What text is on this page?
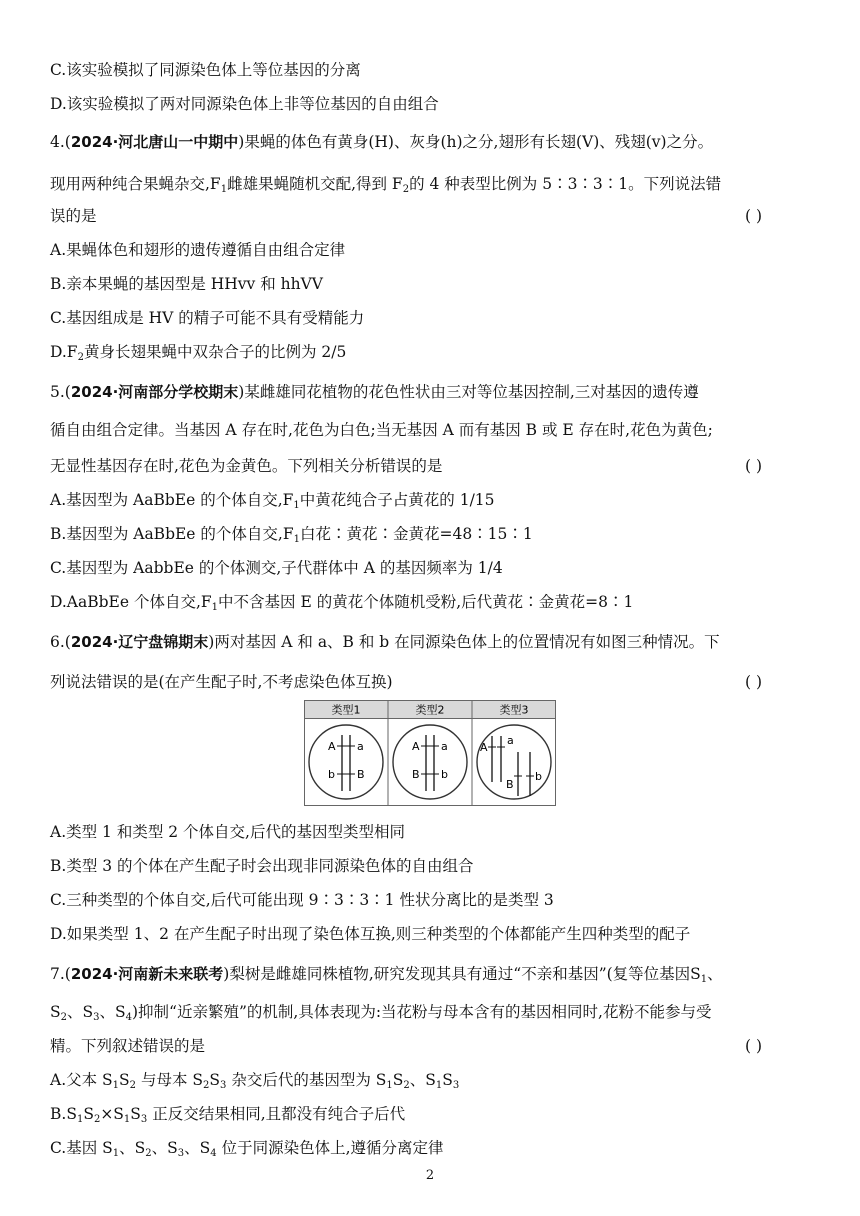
C.该实验模拟了同源染色体上等位基因的分离
D.该实验模拟了两对同源染色体上非等位基因的自由组合
4.(2024·河北唐山一中期中)果蝇的体色有黄身(H)、灰身(h)之分,翅形有长翅(V)、残翅(v)之分。
现用两种纯合果蝇杂交$,F_1$雌雄果蝇随机交配,得到 $F_2$的 4 种表型比例为 5∶3∶3∶1。下列说法错
误的是	( )
A.果蝇体色和翅形的遗传遵循自由组合定律
B.亲本果蝇的基因型是 HHvv 和 hhVV
C.基因组成是 HV 的精子可能不具有受精能力
$D.F_2$黄身长翅果蝇中双杂合子的比例为 2/5
5.(2024·河南部分学校期末)某雌雄同花植物的花色性状由三对等位基因控制,三对基因的遗传遵
循自由组合定律。当基因 A 存在时,花色为白色;当无基因 A 而有基因 B 或 E 存在时,花色为黄色;
无显性基因存在时,花色为金黄色。下列相关分析错误的是	( )
A.基因型为 AaBbEe 的个体自交$,F_1$中黄花纯合子占黄花的 1/15
B.基因型为 AaBbEe 的个体自交$,F_1$白花∶黄花∶金黄花=48∶15∶1
C.基因型为 AabbEe 的个体测交,子代群体中 A 的基因频率为 1/4
D.AaBbEe 个体自交$,F_1$中不含基因 E 的黄花个体随机受粉,后代黄花∶金黄花=8∶1
6.(2024·辽宁盘锦期末)两对基因 A 和 a、B 和 b 在同源染色体上的位置情况有如图三种情况。下
列说法错误的是(在产生配子时,不考虑染色体互换)	( )
类型1	类型2	类型3
A a
b B
A a
B b
A
a
B
b
A.类型 1 和类型 2 个体自交,后代的基因型类型相同
B.类型 3 的个体在产生配子时会出现非同源染色体的自由组合
C.三种类型的个体自交,后代可能出现 9∶3∶3∶1 性状分离比的是类型 3
D.如果类型 1、2 在产生配子时出现了染色体互换,则三种类型的个体都能产生四种类型的配子
7.(2024·河南新未来联考)梨树是雌雄同株植物,研究发现其具有通过“不亲和基因”(复等位基因$S_1$、
$S_2$、$S_3$、$S_4$)抑制“近亲繁殖”的机制,具体表现为:当花粉与母本含有的基因相同时,花粉不能参与受
精。下列叙述错误的是	( )
A.父本 $S_1S_2$ 与母本 $S_2S_3$ 杂交后代的基因型为 $S_1S_2$、$S_1S_3$
$B.S_1S_2\times S_1S_3$ 正反交结果相同,且都没有纯合子后代
C.基因 $S_1$、$S_2$、$S_3$、$S_4$ 位于同源染色体上,遵循分离定律
2
